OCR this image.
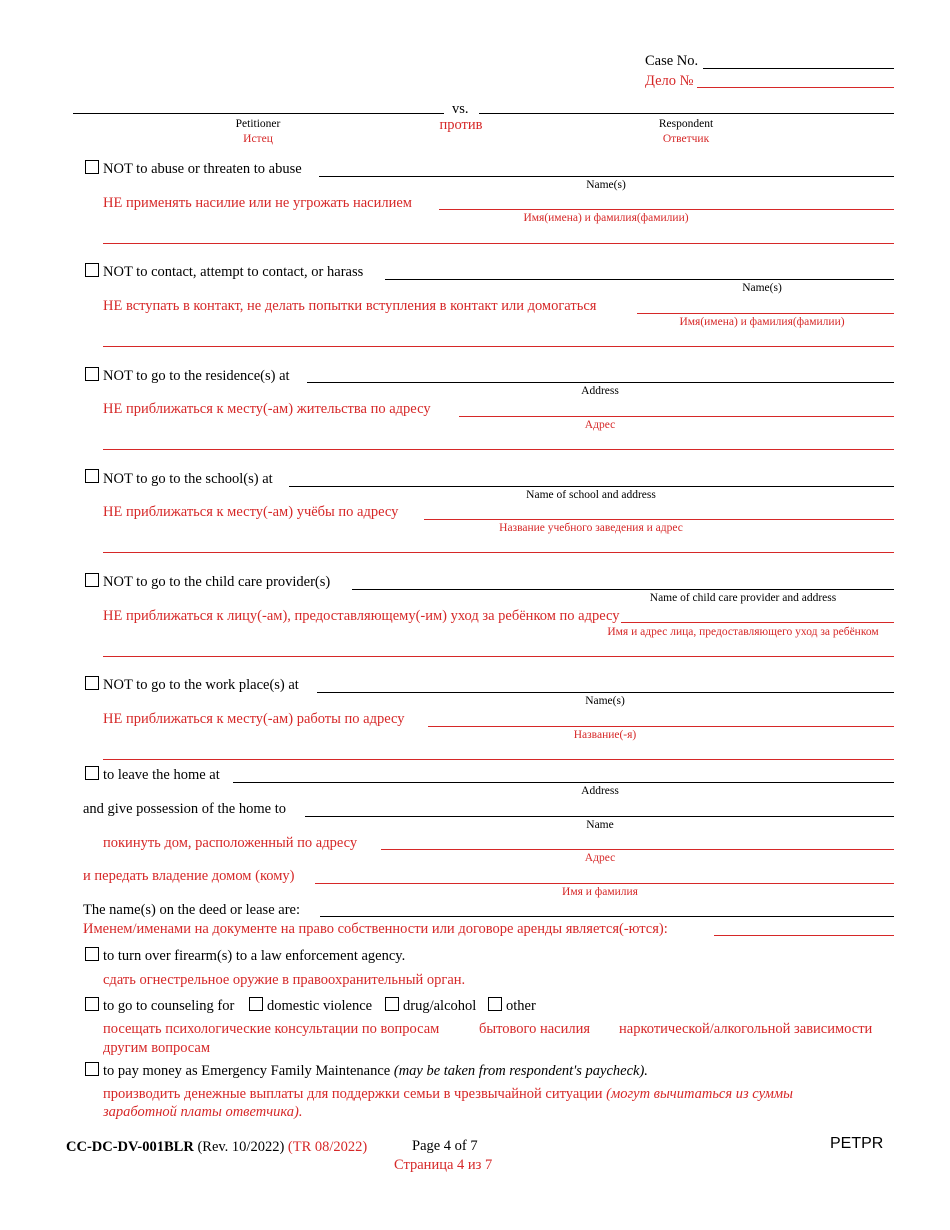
Case No.
Дело №
vs.
Petitioner	против	Respondent
Истец	Ответчик
NOT to abuse or threaten to abuse
Name(s)
НЕ применять насилие или не угрожать насилием
Имя(имена) и фамилия(фамилии)
NOT to contact, attempt to contact, or harass
Name(s)
НЕ вступать в контакт, не делать попытки вступления в контакт или домогаться
Имя(имена) и фамилия(фамилии)
NOT to go to the residence(s) at
Address
НЕ приближаться к месту(-ам) жительства по адресу
Адрес
NOT to go to the school(s) at
Name of school and address
НЕ приближаться к месту(-ам) учёбы по адресу
Название учебного заведения и адрес
NOT to go to the child care provider(s)
Name of child care provider and address
НЕ приближаться к лицу(-ам), предоставляющему(-им) уход за ребёнком по адресу
Имя и адрес лица, предоставляющего уход за ребёнком
NOT to go to the work place(s) at
Name(s)
НЕ приближаться к месту(-ам) работы по адресу
Название(-я)
to leave the home at
Address
and give possession of the home to
Name
покинуть дом, расположенный по адресу
Адрес
и передать владение домом (кому)
Имя и фамилия
The name(s) on the deed or lease are:
Именем/именами на документе на право собственности или договоре аренды является(-ются):
to turn over firearm(s) to a law enforcement agency.
сдать огнестрельное оружие в правоохранительный орган.
to go to counseling for domestic violence drug/alcohol other
посещать психологические консультации по вопросам	бытового насилия наркотической/алкогольной зависимости
другим вопросам
to pay money as Emergency Family Maintenance (may be taken from respondent's paycheck).
производить денежные выплаты для поддержки семьи в чрезвычайной ситуации (могут вычитаться из суммы
заработной платы ответчика).
CC-DC-DV-001BLR (Rev. 10/2022) (TR 08/2022)	Page 4 of 7
Страница 4 из 7
PETPR
